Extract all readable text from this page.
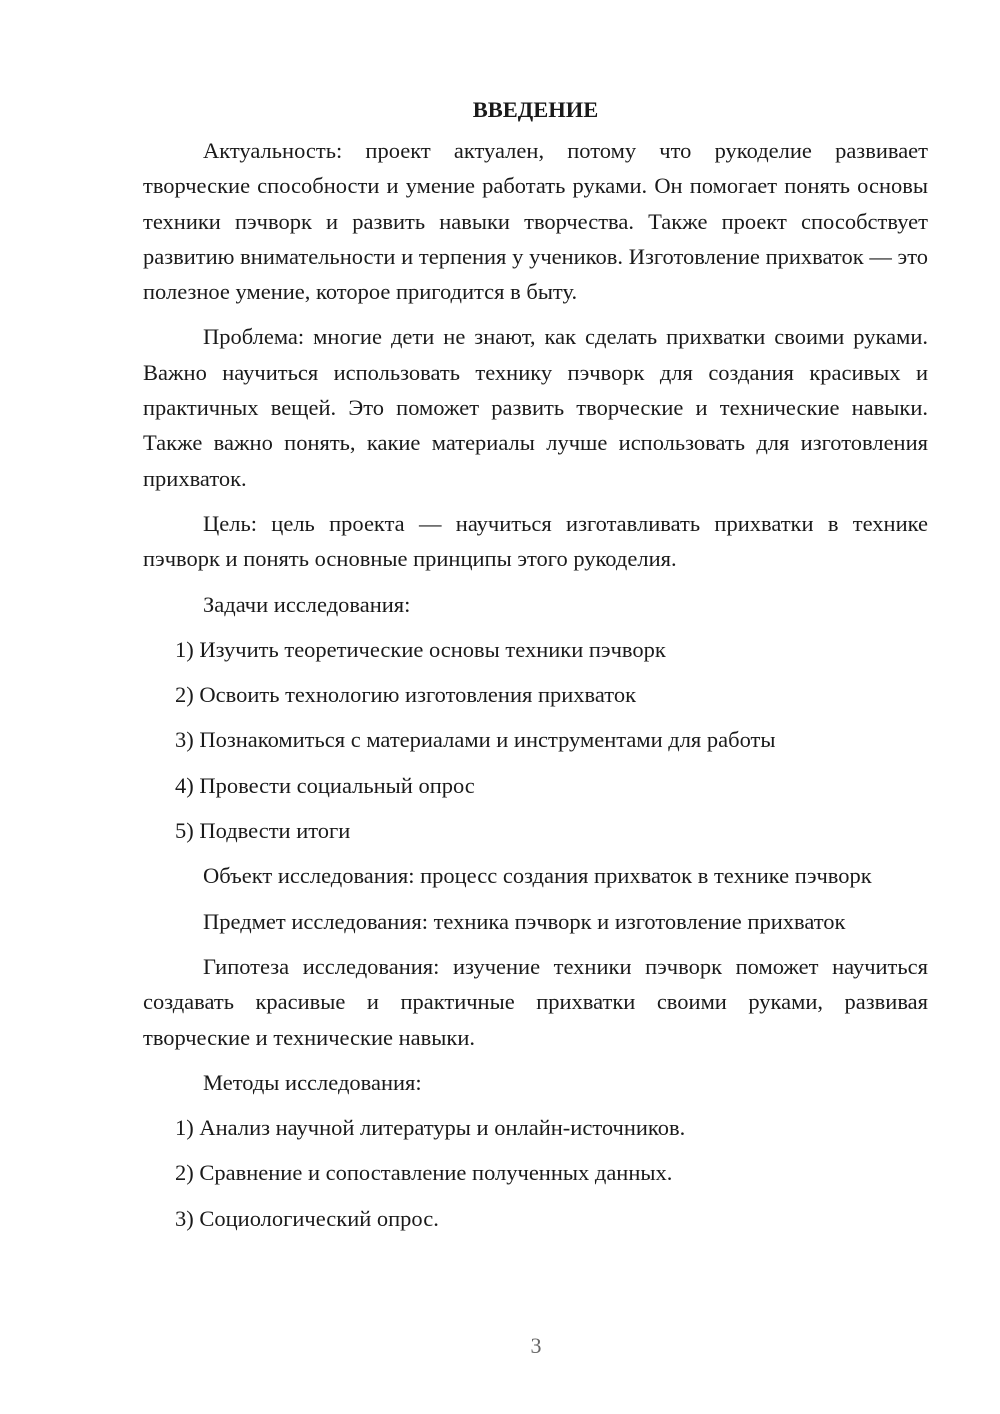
ВВЕДЕНИЕ

Актуальность: проект актуален, потому что рукоделие развивает творческие способности и умение работать руками. Он помогает понять основы техники пэчворк и развить навыки творчества. Также проект способствует развитию внимательности и терпения у учеников. Изготовление прихваток — это полезное умение, которое пригодится в быту.

Проблема: многие дети не знают, как сделать прихватки своими руками. Важно научиться использовать технику пэчворк для создания красивых и практичных вещей. Это поможет развить творческие и технические навыки. Также важно понять, какие материалы лучше использовать для изготовления прихваток.

Цель: цель проекта — научиться изготавливать прихватки в технике пэчворк и понять основные принципы этого рукоделия.

Задачи исследования:

1) Изучить теоретические основы техники пэчворк

2) Освоить технологию изготовления прихваток

3) Познакомиться с материалами и инструментами для работы

4) Провести социальный опрос

5) Подвести итоги

Объект исследования: процесс создания прихваток в технике пэчворк

Предмет исследования: техника пэчворк и изготовление прихваток

Гипотеза исследования: изучение техники пэчворк поможет научиться создавать красивые и практичные прихватки своими руками, развивая творческие и технические навыки.

Методы исследования:

1) Анализ научной литературы и онлайн-источников.

2) Сравнение и сопоставление полученных данных.

3) Социологический опрос.

3
